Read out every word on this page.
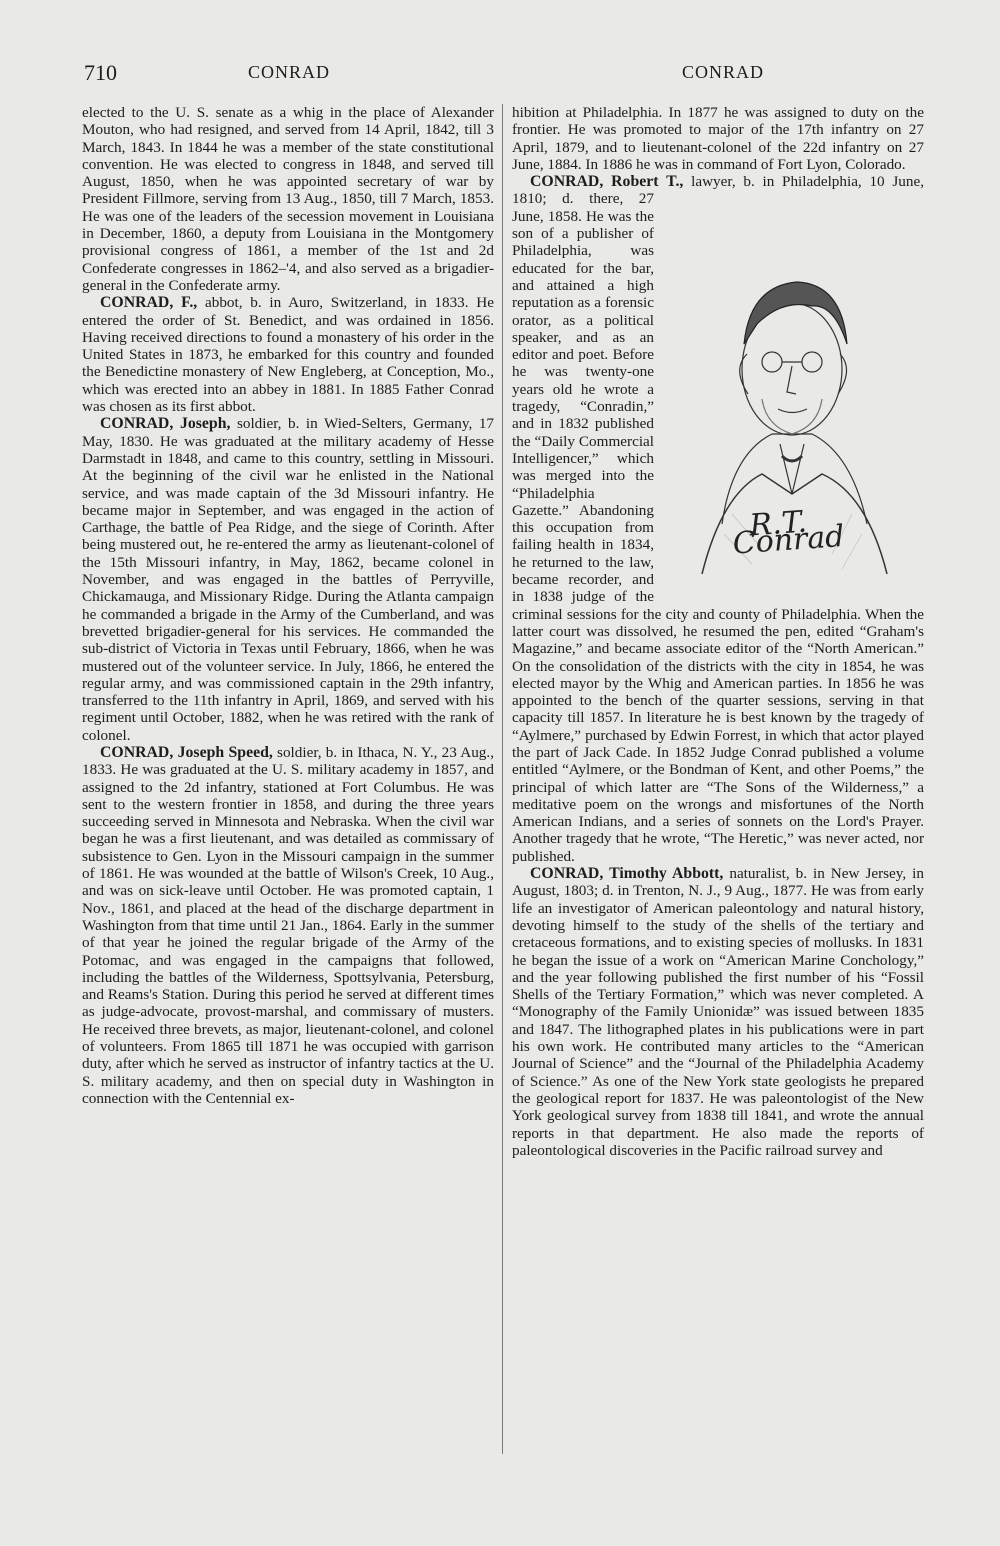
710	CONRAD	CONRAD

elected to the U. S. senate as a whig in the place of Alexander Mouton, who had resigned, and served from 14 April, 1842, till 3 March, 1843. In 1844 he was a member of the state constitutional convention. He was elected to congress in 1848, and served till August, 1850, when he was appointed secretary of war by President Fillmore, serving from 13 Aug., 1850, till 7 March, 1853. He was one of the leaders of the secession movement in Louisiana in December, 1860, a deputy from Louisiana in the Montgomery provisional congress of 1861, a member of the 1st and 2d Confederate congresses in 1862–'4, and also served as a brigadier-general in the Confederate army.

CONRAD, F., abbot, b. in Auro, Switzerland, in 1833. He entered the order of St. Benedict, and was ordained in 1856. Having received directions to found a monastery of his order in the United States in 1873, he embarked for this country and founded the Benedictine monastery of New Engleberg, at Conception, Mo., which was erected into an abbey in 1881. In 1885 Father Conrad was chosen as its first abbot.

CONRAD, Joseph, soldier, b. in Wied-Selters, Germany, 17 May, 1830. He was graduated at the military academy of Hesse Darmstadt in 1848, and came to this country, settling in Missouri. At the beginning of the civil war he enlisted in the National service, and was made captain of the 3d Missouri infantry. He became major in September, and was engaged in the action of Carthage, the battle of Pea Ridge, and the siege of Corinth. After being mustered out, he re-entered the army as lieutenant-colonel of the 15th Missouri infantry, in May, 1862, became colonel in November, and was engaged in the battles of Perryville, Chickamauga, and Missionary Ridge. During the Atlanta campaign he commanded a brigade in the Army of the Cumberland, and was brevetted brigadier-general for his services. He commanded the sub-district of Victoria in Texas until February, 1866, when he was mustered out of the volunteer service. In July, 1866, he entered the regular army, and was commissioned captain in the 29th infantry, transferred to the 11th infantry in April, 1869, and served with his regiment until October, 1882, when he was retired with the rank of colonel.

CONRAD, Joseph Speed, soldier, b. in Ithaca, N. Y., 23 Aug., 1833. He was graduated at the U. S. military academy in 1857, and assigned to the 2d infantry, stationed at Fort Columbus. He was sent to the western frontier in 1858, and during the three years succeeding served in Minnesota and Nebraska. When the civil war began he was a first lieutenant, and was detailed as commissary of subsistence to Gen. Lyon in the Missouri campaign in the summer of 1861. He was wounded at the battle of Wilson's Creek, 10 Aug., and was on sick-leave until October. He was promoted captain, 1 Nov., 1861, and placed at the head of the discharge department in Washington from that time until 21 Jan., 1864. Early in the summer of that year he joined the regular brigade of the Army of the Potomac, and was engaged in the campaigns that followed, including the battles of the Wilderness, Spottsylvania, Petersburg, and Reams's Station. During this period he served at different times as judge-advocate, provost-marshal, and commissary of musters. He received three brevets, as major, lieutenant-colonel, and colonel of volunteers. From 1865 till 1871 he was occupied with garrison duty, after which he served as instructor of infantry tactics at the U. S. military academy, and then on special duty in Washington in connection with the Centennial ex-

hibition at Philadelphia. In 1877 he was assigned to duty on the frontier. He was promoted to major of the 17th infantry on 27 April, 1879, and to lieutenant-colonel of the 22d infantry on 27 June, 1884. In 1886 he was in command of Fort Lyon, Colorado.

CONRAD, Robert T.,
R.T. Conrad
lawyer, b. in Philadelphia, 10 June, 1810; d. there, 27 June, 1858. He was the son of a publisher of Philadelphia, was educated for the bar, and attained a high reputation as a forensic orator, as a political speaker, and as an editor and poet. Before he was twenty-one years old he wrote a tragedy, “Conradin,” and in 1832 published the “Daily Commercial Intelligencer,” which was merged into the “Philadelphia Gazette.” Abandoning this occupation from failing health in 1834, he returned to the law, became recorder, and in 1838 judge of the criminal sessions for the city and county of Philadelphia. When the latter court was dissolved, he resumed the pen, edited “Graham's Magazine,” and became associate editor of the “North American.” On the consolidation of the districts with the city in 1854, he was elected mayor by the Whig and American parties. In 1856 he was appointed to the bench of the quarter sessions, serving in that capacity till 1857. In literature he is best known by the tragedy of “Aylmere,” purchased by Edwin Forrest, in which that actor played the part of Jack Cade. In 1852 Judge Conrad published a volume entitled “Aylmere, or the Bondman of Kent, and other Poems,” the principal of which latter are “The Sons of the Wilderness,” a meditative poem on the wrongs and misfortunes of the North American Indians, and a series of sonnets on the Lord's Prayer. Another tragedy that he wrote, “The Heretic,” was never acted, nor published.

CONRAD, Timothy Abbott, naturalist, b. in New Jersey, in August, 1803; d. in Trenton, N. J., 9 Aug., 1877. He was from early life an investigator of American paleontology and natural history, devoting himself to the study of the shells of the tertiary and cretaceous formations, and to existing species of mollusks. In 1831 he began the issue of a work on “American Marine Conchology,” and the year following published the first number of his “Fossil Shells of the Tertiary Formation,” which was never completed. A “Monography of the Family Unionidæ” was issued between 1835 and 1847. The lithographed plates in his publications were in part his own work. He contributed many articles to the “American Journal of Science” and the “Journal of the Philadelphia Academy of Science.” As one of the New York state geologists he prepared the geological report for 1837. He was paleontologist of the New York geological survey from 1838 till 1841, and wrote the annual reports in that department. He also made the reports of paleontological discoveries in the Pacific railroad survey and
